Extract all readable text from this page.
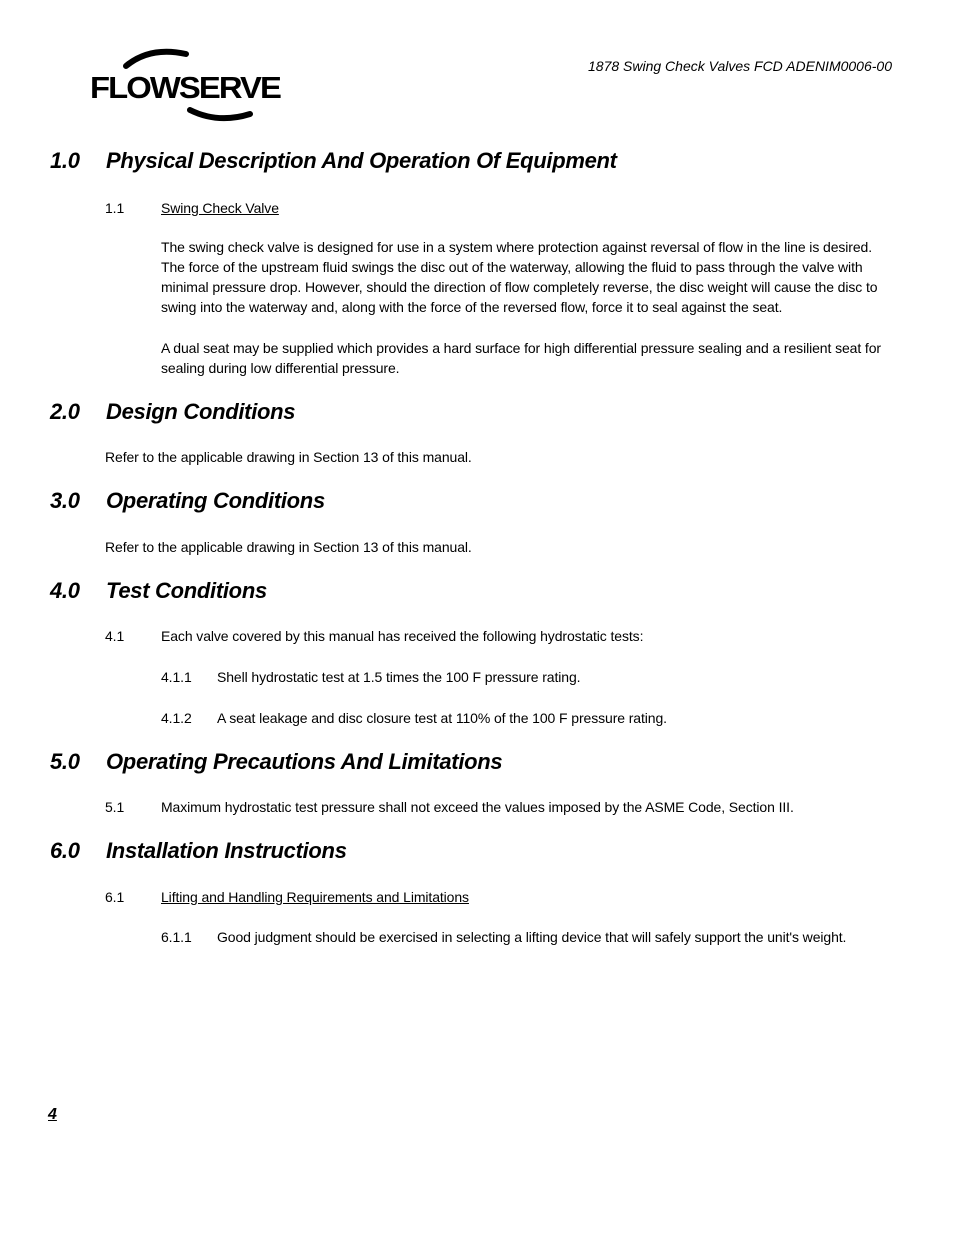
1878 Swing Check Valves FCD ADENIM0006-00
FLOWSERVE
1.0 Physical Description And Operation Of Equipment
1.1	Swing Check Valve
The swing check valve is designed for use in a system where protection against reversal of flow in the line is desired.
The force of the upstream fluid swings the disc out of the waterway, allowing the fluid to pass through the valve with
minimal pressure drop. However, should the direction of flow completely reverse, the disc weight will cause the disc to
swing into the waterway and, along with the force of the reversed flow, force it to seal against the seat.
A dual seat may be supplied which provides a hard surface for high differential pressure sealing and a resilient seat for
sealing during low differential pressure.
2.0 Design Conditions
Refer to the applicable drawing in Section 13 of this manual.
3.0 Operating Conditions
Refer to the applicable drawing in Section 13 of this manual.
4.0 Test Conditions
4.1	Each valve covered by this manual has received the following hydrostatic tests:
4.1.1 Shell hydrostatic test at 1.5 times the 100 F pressure rating.
4.1.2 A seat leakage and disc closure test at 110% of the 100 F pressure rating.
5.0 Operating Precautions And Limitations
5.1	Maximum hydrostatic test pressure shall not exceed the values imposed by the ASME Code, Section III.
6.0 Installation Instructions
6.1	Lifting and Handling Requirements and Limitations
6.1.1 Good judgment should be exercised in selecting a lifting device that will safely support the unit's weight.
4
